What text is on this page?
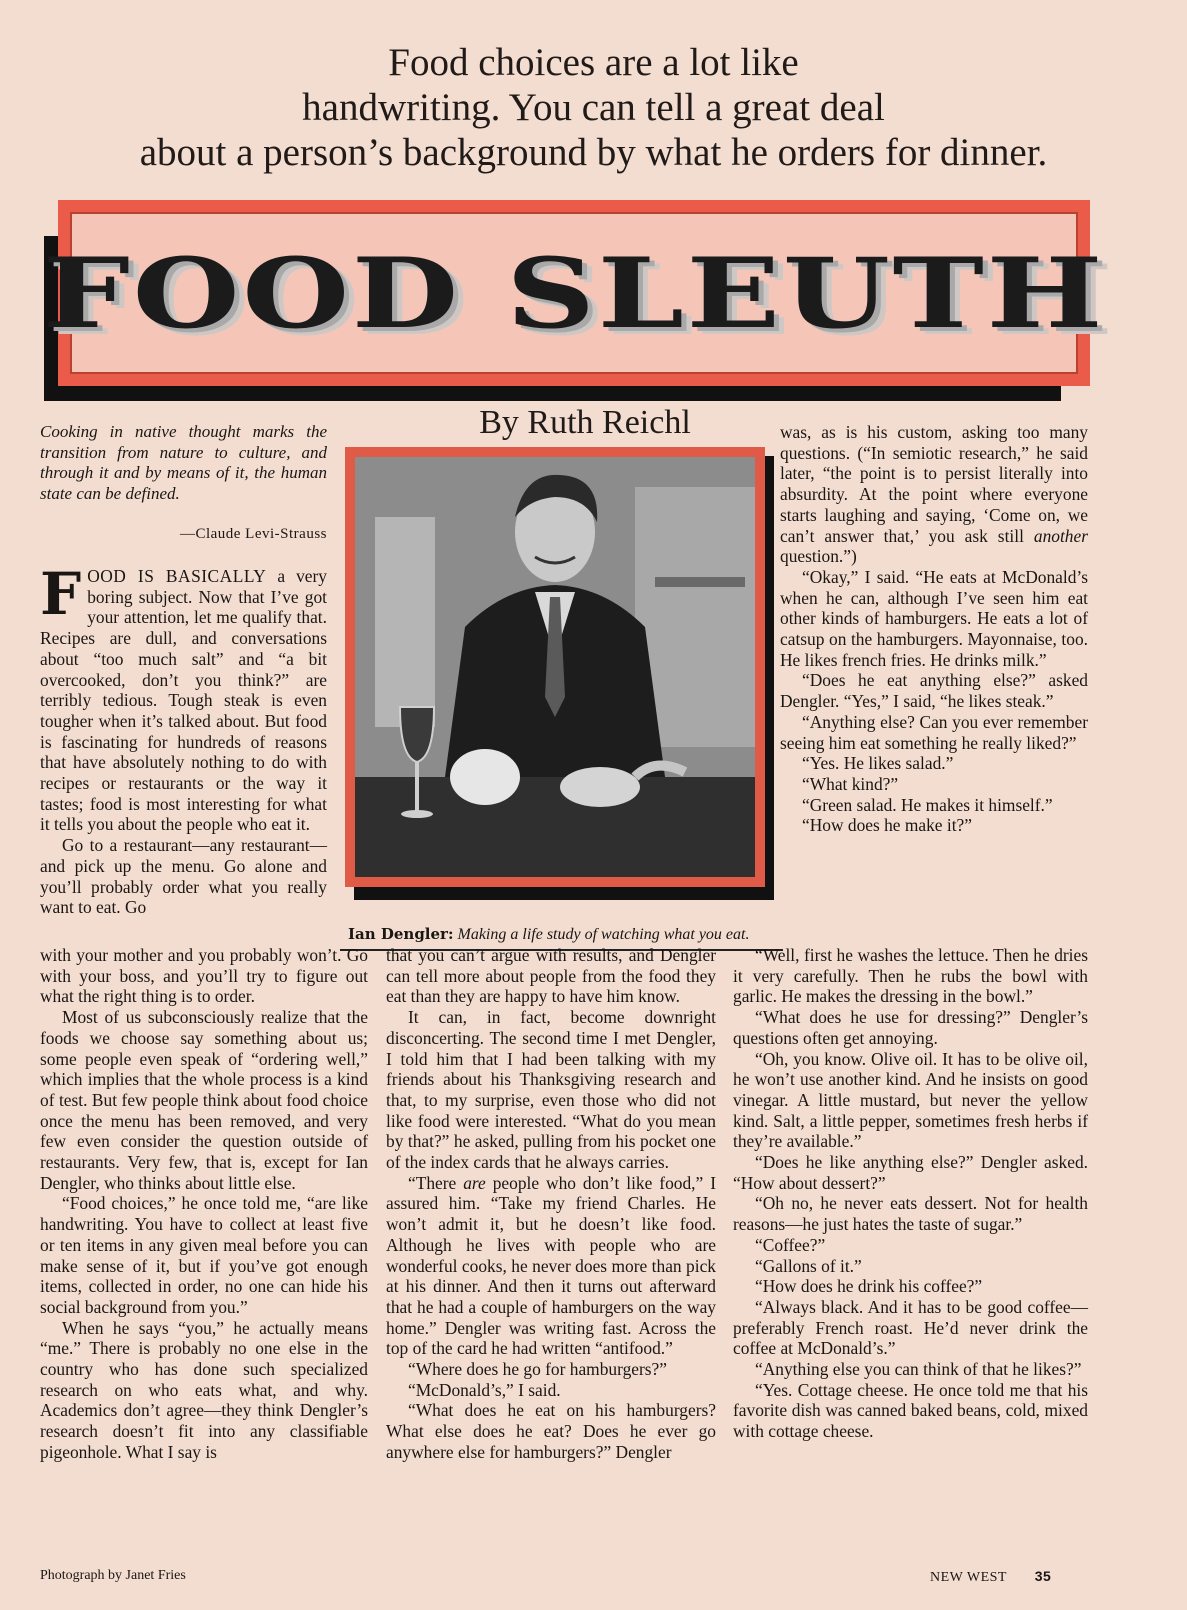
Food choices are a lot like
handwriting. You can tell a great deal
about a person’s background by what he orders for dinner.
FOOD SLEUTH
By Ruth Reichl
Cooking in native thought marks the transition from nature to culture, and through it and by means of it, the human state can be defined.
—Claude Levi-Strauss
Ian Dengler: Making a life study of watching what you eat.

FOOD IS BASICALLY a very boring subject. Now that I’ve got your attention, let me qualify that. Recipes are dull, and conversations about “too much salt” and “a bit overcooked, don’t you think?” are terribly tedious. Tough steak is even tougher when it’s talked about. But food is fascinating for hundreds of reasons that have absolutely nothing to do with recipes or restaurants or the way it tastes; food is most interesting for what it tells you about the people who eat it.

Go to a restaurant—any restaurant—and pick up the menu. Go alone and you’ll probably order what you really want to eat. Go

with your mother and you probably won’t. Go with your boss, and you’ll try to figure out what the right thing is to order.

Most of us subconsciously realize that the foods we choose say something about us; some people even speak of “ordering well,” which implies that the whole process is a kind of test. But few people think about food choice once the menu has been removed, and very few even consider the question outside of restaurants. Very few, that is, except for Ian Dengler, who thinks about little else.

“Food choices,” he once told me, “are like handwriting. You have to collect at least five or ten items in any given meal before you can make sense of it, but if you’ve got enough items, collected in order, no one can hide his social background from you.”

When he says “you,” he actually means “me.” There is probably no one else in the country who has done such specialized research on who eats what, and why. Academics don’t agree—they think Dengler’s research doesn’t fit into any classifiable pigeonhole. What I say is

that you can’t argue with results, and Dengler can tell more about people from the food they eat than they are happy to have him know.

It can, in fact, become downright disconcerting. The second time I met Dengler, I told him that I had been talking with my friends about his Thanksgiving research and that, to my surprise, even those who did not like food were interested. “What do you mean by that?” he asked, pulling from his pocket one of the index cards that he always carries.

“There are people who don’t like food,” I assured him. “Take my friend Charles. He won’t admit it, but he doesn’t like food. Although he lives with people who are wonderful cooks, he never does more than pick at his dinner. And then it turns out afterward that he had a couple of hamburgers on the way home.” Dengler was writing fast. Across the top of the card he had written “antifood.”

“Where does he go for hamburgers?”

“McDonald’s,” I said.

“What does he eat on his hamburgers? What else does he eat? Does he ever go anywhere else for hamburgers?” Dengler

was, as is his custom, asking too many questions. (“In semiotic research,” he said later, “the point is to persist literally into absurdity. At the point where everyone starts laughing and saying, ‘Come on, we can’t answer that,’ you ask still another question.”)

“Okay,” I said. “He eats at McDonald’s when he can, although I’ve seen him eat other kinds of hamburgers. He eats a lot of catsup on the hamburgers. Mayonnaise, too. He likes french fries. He drinks milk.”

“Does he eat anything else?” asked Dengler. “Yes,” I said, “he likes steak.”

“Anything else? Can you ever remember seeing him eat something he really liked?”

“Yes. He likes salad.”

“What kind?”

“Green salad. He makes it himself.”

“How does he make it?”

“Well, first he washes the lettuce. Then he dries it very carefully. Then he rubs the bowl with garlic. He makes the dressing in the bowl.”

“What does he use for dressing?” Dengler’s questions often get annoying.

“Oh, you know. Olive oil. It has to be olive oil, he won’t use another kind. And he insists on good vinegar. A little mustard, but never the yellow kind. Salt, a little pepper, sometimes fresh herbs if they’re available.”

“Does he like anything else?” Dengler asked. “How about dessert?”

“Oh no, he never eats dessert. Not for health reasons—he just hates the taste of sugar.”

“Coffee?”

“Gallons of it.”

“How does he drink his coffee?”

“Always black. And it has to be good coffee—preferably French roast. He’d never drink the coffee at McDonald’s.”

“Anything else you can think of that he likes?”

“Yes. Cottage cheese. He once told me that his favorite dish was canned baked beans, cold, mixed with cottage cheese.

Photograph by Janet Fries	NEW WEST 35
